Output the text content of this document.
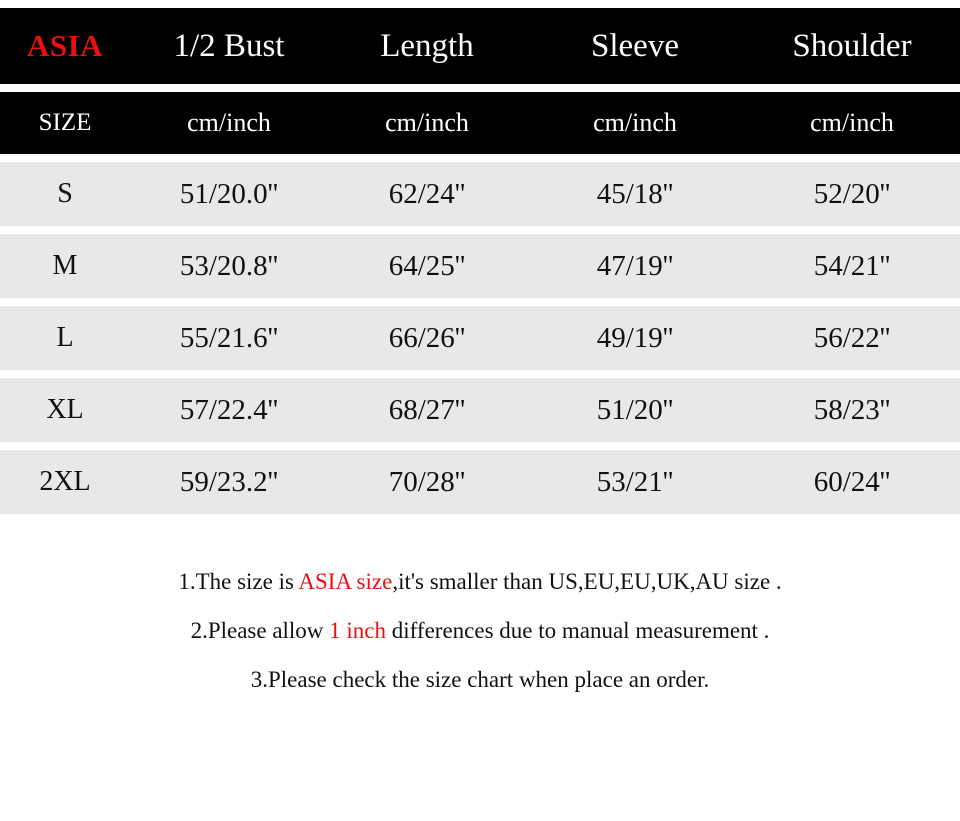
ASIA	1/2 Bust	Length	Sleeve	Shoulder
SIZE	cm/inch	cm/inch	cm/inch	cm/inch
S	51/20.0''	62/24''	45/18''	52/20''
M	53/20.8''	64/25''	47/19''	54/21''
L	55/21.6''	66/26''	49/19''	56/22''
XL	57/22.4''	68/27''	51/20''	58/23''
2XL	59/23.2''	70/28''	53/21''	60/24''

1.The size is ASIA size,it's smaller than US,EU,EU,UK,AU size .

2.Please allow 1 inch differences due to manual measurement .

3.Please check the size chart when place an order.
